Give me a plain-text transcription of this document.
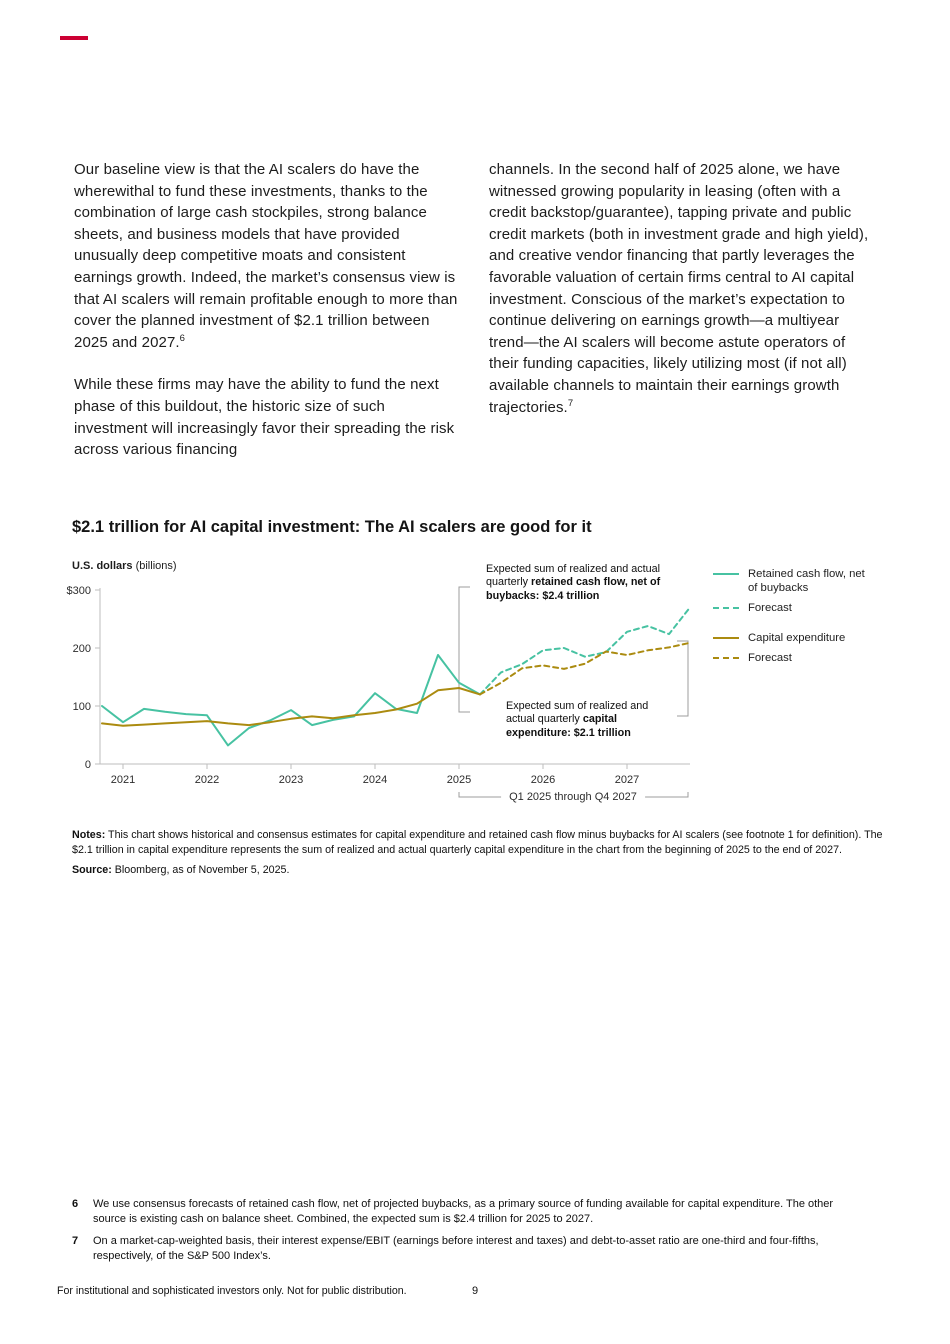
Our baseline view is that the AI scalers do have the wherewithal to fund these investments, thanks to the combination of large cash stockpiles, strong balance sheets, and business models that have provided unusually deep competitive moats and consistent earnings growth. Indeed, the market’s consensus view is that AI scalers will remain profitable enough to more than cover the planned investment of $2.1 trillion between 2025 and 2027.$^6$

While these firms may have the ability to fund the next phase of this buildout, the historic size of such investment will increasingly favor their spreading the risk across various financing

channels. In the second half of 2025 alone, we have witnessed growing popularity in leasing (often with a credit backstop/guarantee), tapping private and public credit markets (both in investment grade and high yield), and creative vendor financing that partly leverages the favorable valuation of certain firms central to AI capital investment. Conscious of the market’s expectation to continue delivering on earnings growth—a multiyear trend—the AI scalers will become astute operators of their funding capacities, likely utilizing most (if not all) available channels to maintain their earnings growth trajectories.$^7$

$2.1 trillion for AI capital investment: The AI scalers are good for it
U.S. dollars (billions)
$300
200
100
0
2021	2022	2023	2024	2025	2026	2027
Expected sum of realized and actual quarterly retained cash flow, net of buybacks: $2.4 trillion
Expected sum of realized and actual quarterly capital expenditure: $2.1 trillion
Q1 2025 through Q4 2027
Retained cash flow, net of buybacks
Forecast
Capital expenditure
Forecast

Notes: This chart shows historical and consensus estimates for capital expenditure and retained cash flow minus buybacks for AI scalers (see footnote 1 for definition). The $2.1 trillion in capital expenditure represents the sum of realized and actual quarterly capital expenditure in the chart from the beginning of 2025 to the end of 2027.

Source: Bloomberg, as of November 5, 2025.

6	We use consensus forecasts of retained cash flow, net of projected buybacks, as a primary source of funding available for capital expenditure. The other source is existing cash on balance sheet. Combined, the expected sum is $2.4 trillion for 2025 to 2027.
7	On a market-cap-weighted basis, their interest expense/EBIT (earnings before interest and taxes) and debt-to-asset ratio are one-third and four-fifths, respectively, of the S&P 500 Index’s.
For institutional and sophisticated investors only. Not for public distribution.	9
